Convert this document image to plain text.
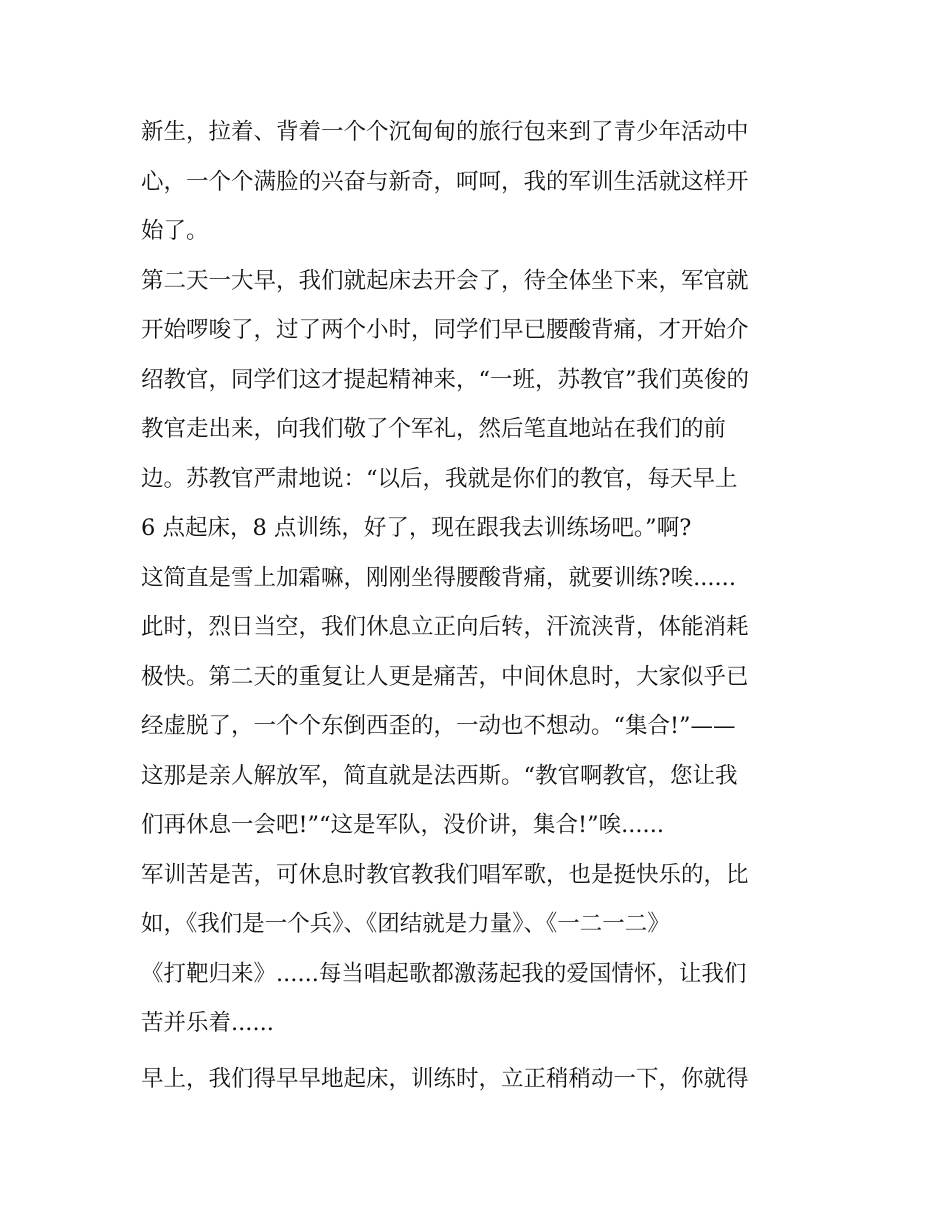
新生，拉着、背着一个个沉甸甸的旅行包来到了青少年活动中
心，一个个满脸的兴奋与新奇，呵呵，我的军训生活就这样开
始了。
第二天一大早，我们就起床去开会了，待全体坐下来，军官就
开始啰唆了，过了两个小时，同学们早已腰酸背痛，才开始介
绍教官，同学们这才提起精神来，“一班，苏教官”我们英俊的
教官走出来，向我们敬了个军礼，然后笔直地站在我们的前
边。苏教官严肃地说：“以后，我就是你们的教官，每天早上
6 点起床，8 点训练，好了，现在跟我去训练场吧。”啊?
这简直是雪上加霜嘛，刚刚坐得腰酸背痛，就要训练?唉......
此时，烈日当空，我们休息立正向后转，汗流浃背，体能消耗
极快。第二天的重复让人更是痛苦，中间休息时，大家似乎已
经虚脱了，一个个东倒西歪的，一动也不想动。“集合!”——
这那是亲人解放军，简直就是法西斯。“教官啊教官，您让我
们再休息一会吧!”“这是军队，没价讲，集合!”唉......
军训苦是苦，可休息时教官教我们唱军歌，也是挺快乐的，比
如，《我们是一个兵》、《团结就是力量》、《一二一二》
《打靶归来》......每当唱起歌都激荡起我的爱国情怀，让我们
苦并乐着......
早上，我们得早早地起床，训练时，立正稍稍动一下，你就得
